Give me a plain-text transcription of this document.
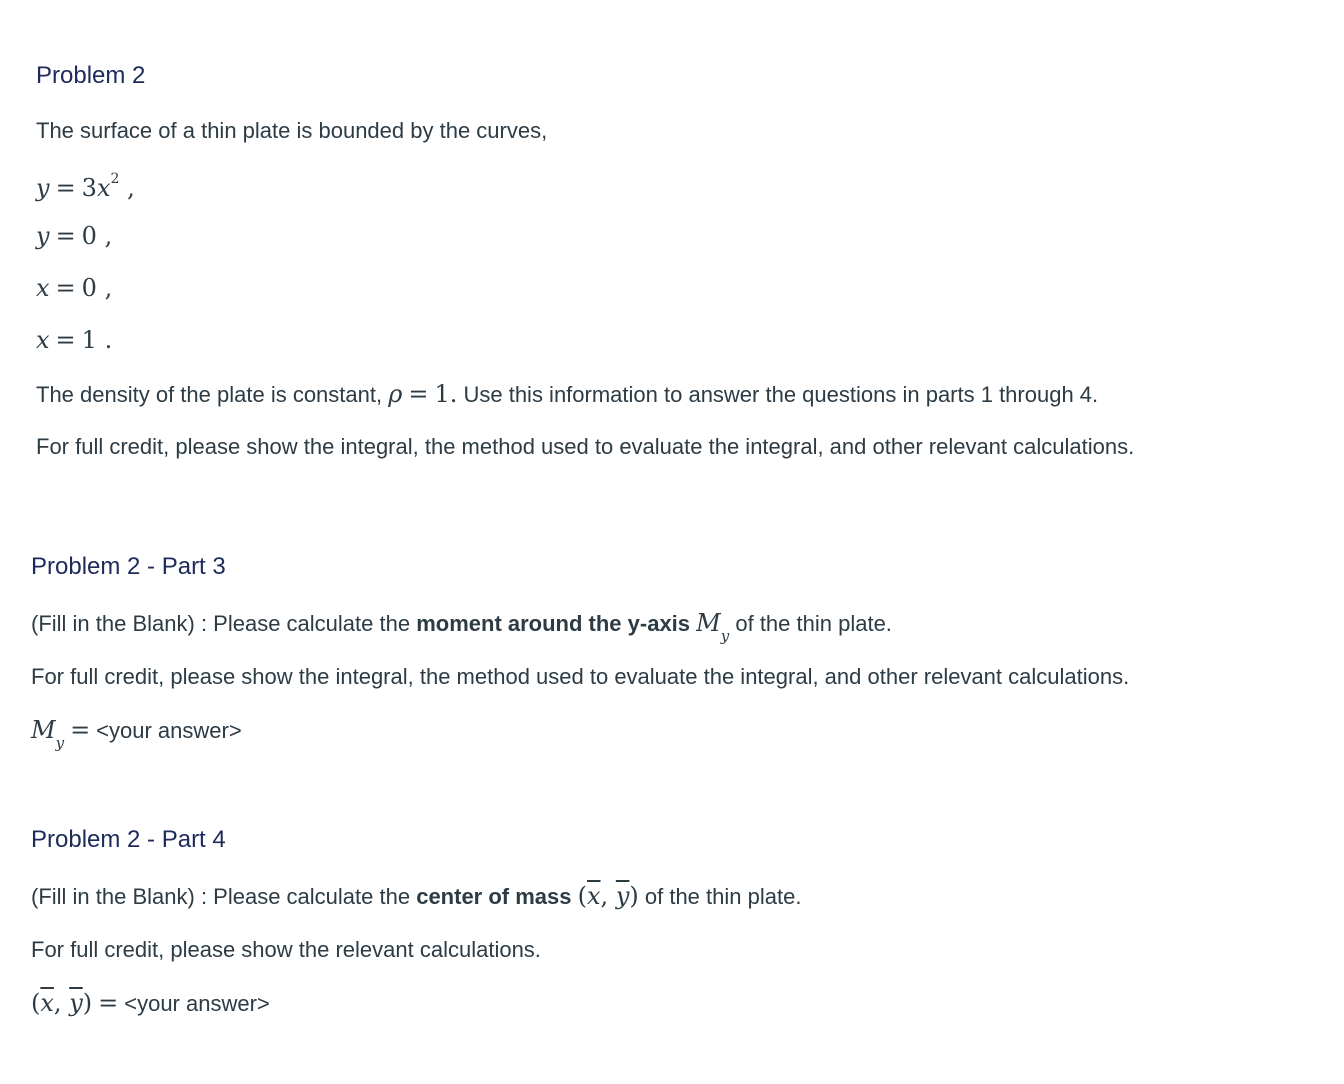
Problem 2
The surface of a thin plate is bounded by the curves,
$y = 3x^2$ ,
y = 0 ,
x = 0 ,
x = 1 .
The density of the plate is constant, ρ = 1. Use this information to answer the questions in parts 1 through 4.
For full credit, please show the integral, the method used to evaluate the integral, and other relevant calculations.
Problem 2 - Part 3
(Fill in the Blank) : Please calculate the moment around the y-axis $M_y$ of the thin plate.
For full credit, please show the integral, the method used to evaluate the integral, and other relevant calculations.
$M_y$ = <your answer>
Problem 2 - Part 4
(Fill in the Blank) : Please calculate the center of mass ($\overline{x}$, $\overline{y}$) of the thin plate.
For full credit, please show the relevant calculations.
($\overline{x}$, $\overline{y}$) = <your answer>
